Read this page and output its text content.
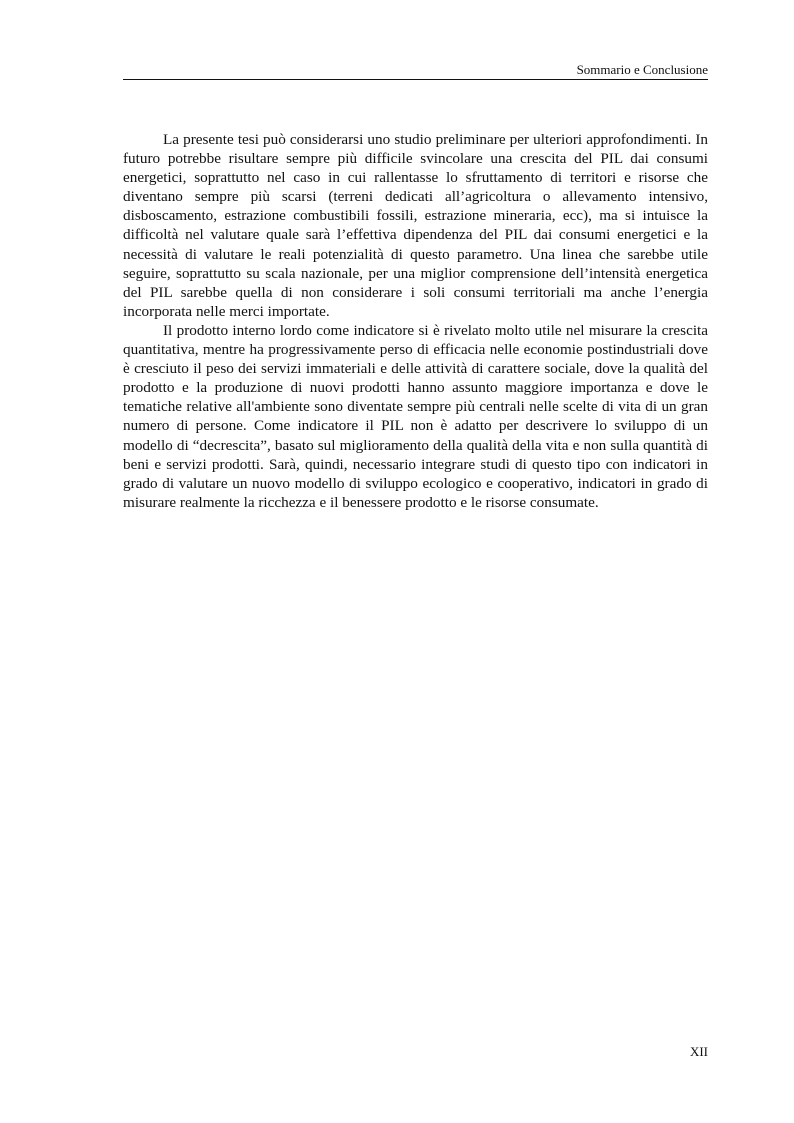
Sommario e Conclusione

La presente tesi può considerarsi uno studio preliminare per ulteriori approfondimenti. In futuro potrebbe risultare sempre più difficile svincolare una crescita del PIL dai consumi energetici, soprattutto nel caso in cui rallentasse lo sfruttamento di territori e risorse che diventano sempre più scarsi (terreni dedicati all’agricoltura o allevamento intensivo, disboscamento, estrazione combustibili fossili, estrazione mineraria, ecc), ma si intuisce la difficoltà nel valutare quale sarà l’effettiva dipendenza del PIL dai consumi energetici e la necessità di valutare le reali potenzialità di questo parametro. Una linea che sarebbe utile seguire, soprattutto su scala nazionale, per una miglior comprensione dell’intensità energetica del PIL sarebbe quella di non considerare i soli consumi territoriali ma anche l’energia incorporata nelle merci importate.

Il prodotto interno lordo come indicatore si è rivelato molto utile nel misurare la crescita quantitativa, mentre ha progressivamente perso di efficacia nelle economie postindustriali dove è cresciuto il peso dei servizi immateriali e delle attività di carattere sociale, dove la qualità del prodotto e la produzione di nuovi prodotti hanno assunto maggiore importanza e dove le tematiche relative all'ambiente sono diventate sempre più centrali nelle scelte di vita di un gran numero di persone. Come indicatore il PIL non è adatto per descrivere lo sviluppo di un modello di “decrescita”, basato sul miglioramento della qualità della vita e non sulla quantità di beni e servizi prodotti. Sarà, quindi, necessario integrare studi di questo tipo con indicatori in grado di valutare un nuovo modello di sviluppo ecologico e cooperativo, indicatori in grado di misurare realmente la ricchezza e il benessere prodotto e le risorse consumate.

XII
